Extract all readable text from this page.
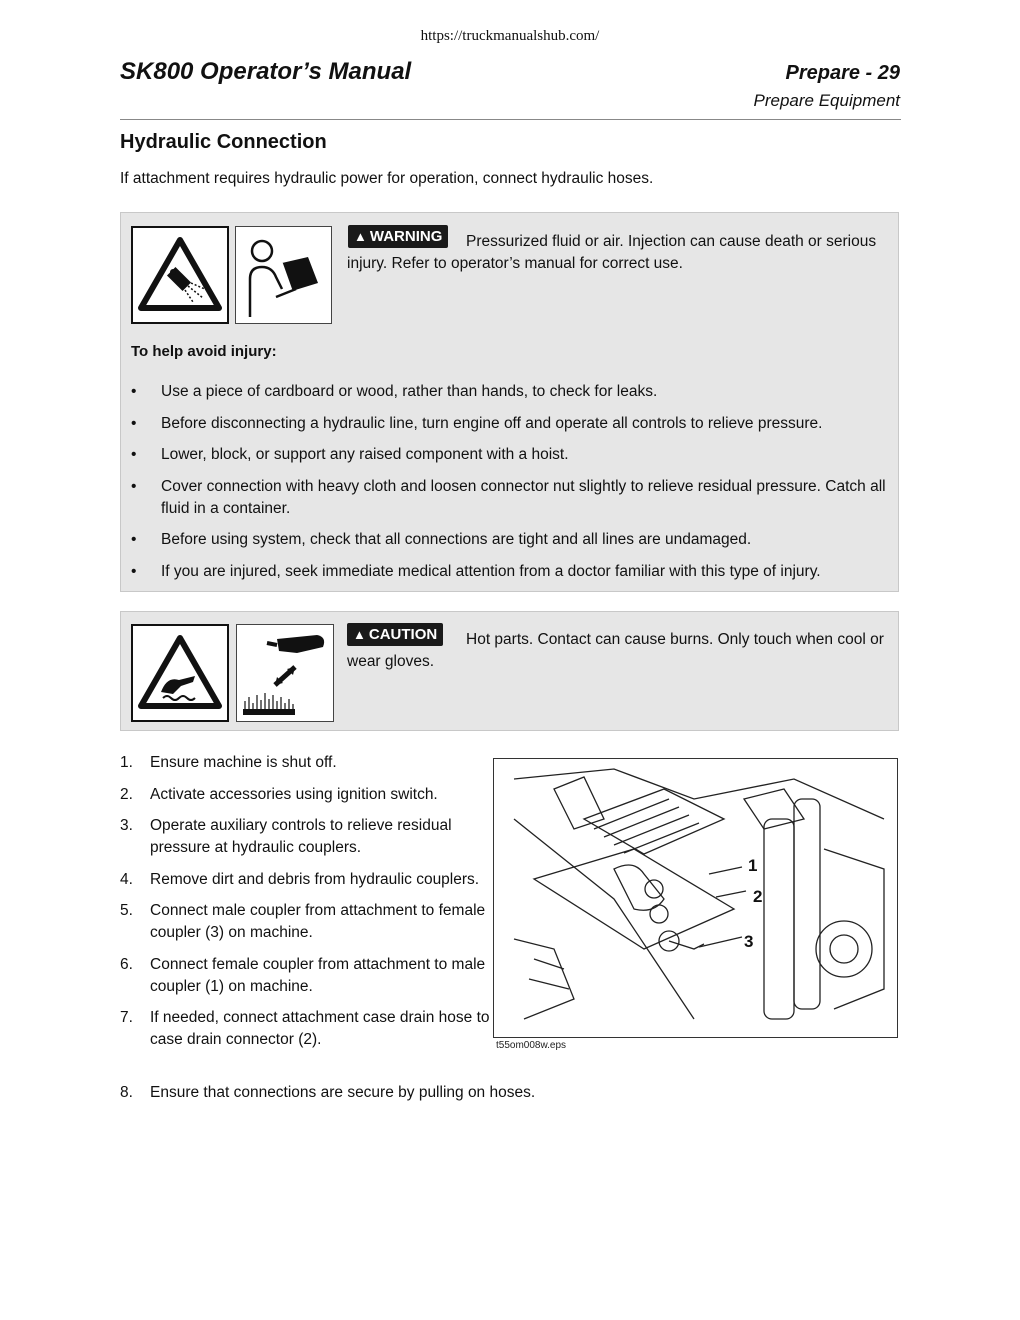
https://truckmanualshub.com/
SK800 Operator’s Manual	Prepare - 29
Prepare Equipment
Hydraulic Connection
If attachment requires hydraulic power for operation, connect hydraulic hoses.
▲ WARNING	Pressurized fluid or air. Injection can cause death or serious injury. Refer to operator’s manual for correct use.
To help avoid injury:
• Use a piece of cardboard or wood, rather than hands, to check for leaks.
• Before disconnecting a hydraulic line, turn engine off and operate all controls to relieve pressure.
• Lower, block, or support any raised component with a hoist.
• Cover connection with heavy cloth and loosen connector nut slightly to relieve residual pressure. Catch all fluid in a container.
• Before using system, check that all connections are tight and all lines are undamaged.
• If you are injured, seek immediate medical attention from a doctor familiar with this type of injury.
▲ CAUTION	Hot parts. Contact can cause burns. Only touch when cool or wear gloves.
1.	Ensure machine is shut off.
2.	Activate accessories using ignition switch.
3.	Operate auxiliary controls to relieve residual pressure at hydraulic couplers.
4.	Remove dirt and debris from hydraulic couplers.
5.	Connect male coupler from attachment to female coupler (3) on machine.
6.	Connect female coupler from attachment to male coupler (1) on machine.
7.	If needed, connect attachment case drain hose to case drain connector (2).
8.	Ensure that connections are secure by pulling on hoses.
1
2
3
t55om008w.eps
